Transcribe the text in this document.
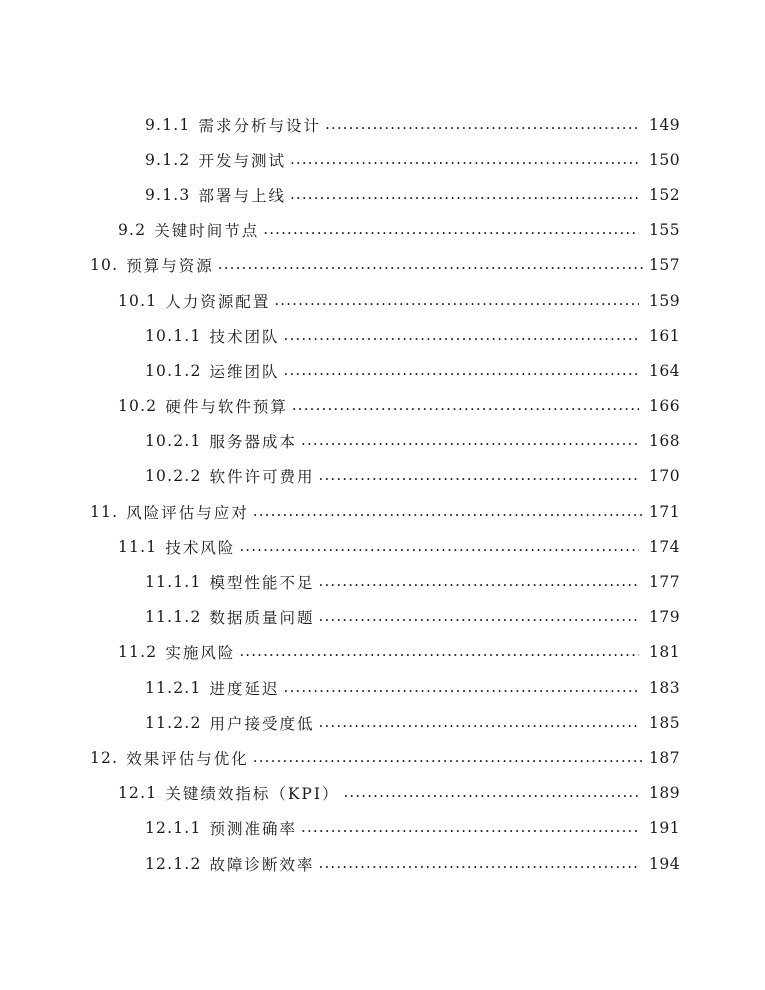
9.1.1 需求分析与设计 . . .	149
9.1.2 开发与测试 . . .	150
9.1.3 部署与上线 . . .	152
9.2 关键时间节点 . . .	155
10. 预算与资源 . . .	157
10.1 人力资源配置 . . .	159
10.1.1 技术团队 . . .	161
10.1.2 运维团队 . . .	164
10.2 硬件与软件预算 . . .	166
10.2.1 服务器成本 . . .	168
10.2.2 软件许可费用 . . .	170
11. 风险评估与应对 . . .	171
11.1 技术风险 . . .	174
11.1.1 模型性能不足 . . .	177
11.1.2 数据质量问题 . . .	179
11.2 实施风险 . . .	181
11.2.1 进度延迟 . . .	183
11.2.2 用户接受度低 . . .	185
12. 效果评估与优化 . . .	187
12.1 关键绩效指标（KPI） . . .	189
12.1.1 预测准确率 . . .	191
12.1.2 故障诊断效率 . . .	194
